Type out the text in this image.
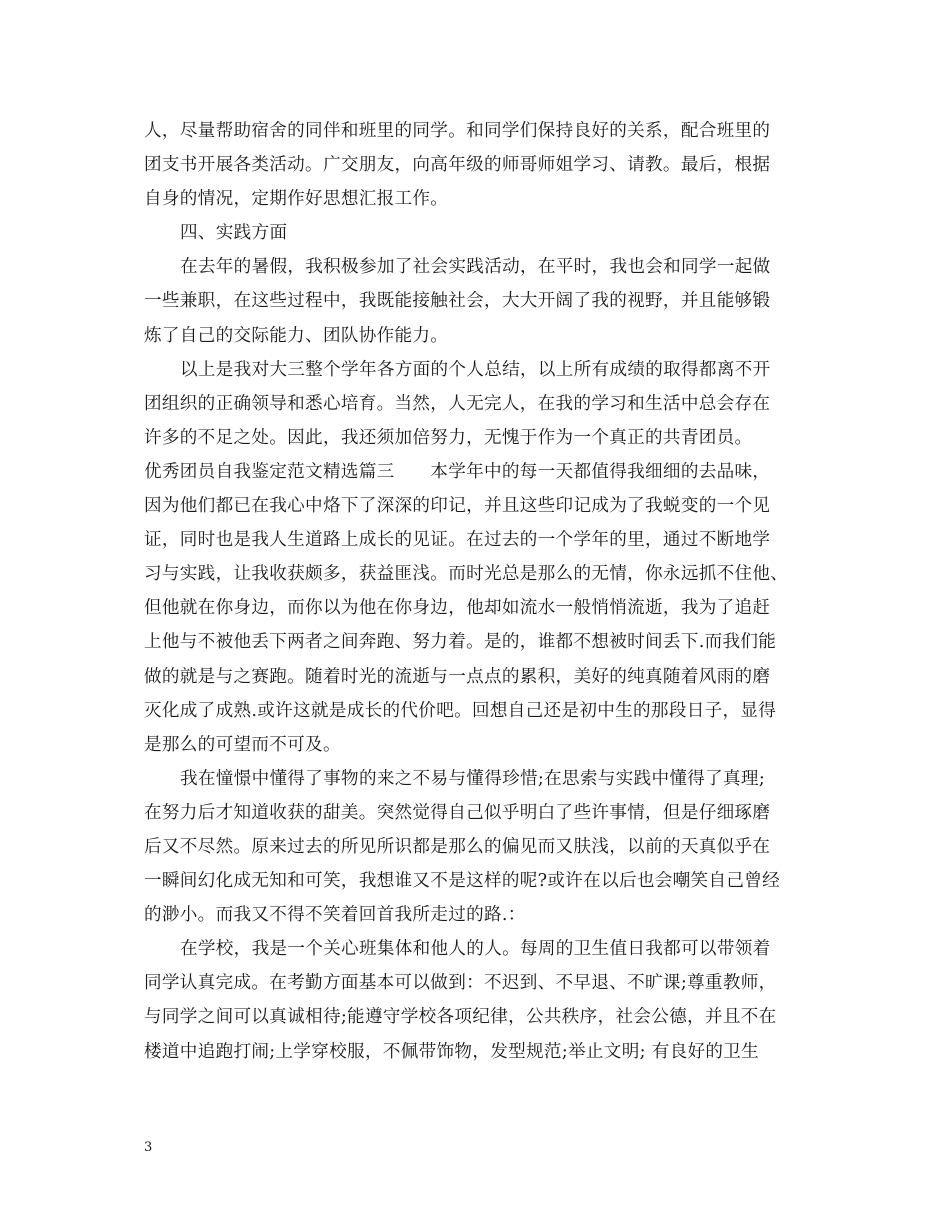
人，尽量帮助宿舍的同伴和班里的同学。和同学们保持良好的关系，配合班里的
团支书开展各类活动。广交朋友，向高年级的师哥师姐学习、请教。最后，根据
自身的情况，定期作好思想汇报工作。
四、实践方面
在去年的暑假，我积极参加了社会实践活动，在平时，我也会和同学一起做
一些兼职，在这些过程中，我既能接触社会，大大开阔了我的视野，并且能够锻
炼了自己的交际能力、团队协作能力。
以上是我对大三整个学年各方面的个人总结，以上所有成绩的取得都离不开
团组织的正确领导和悉心培育。当然，人无完人，在我的学习和生活中总会存在
许多的不足之处。因此，我还须加倍努力，无愧于作为一个真正的共青团员。
优秀团员自我鉴定范文精选篇三　　本学年中的每一天都值得我细细的去品味，
因为他们都已在我心中烙下了深深的印记，并且这些印记成为了我蜕变的一个见
证，同时也是我人生道路上成长的见证。在过去的一个学年的里，通过不断地学
习与实践，让我收获颇多，获益匪浅。而时光总是那么的无情，你永远抓不住他、
但他就在你身边，而你以为他在你身边，他却如流水一般悄悄流逝，我为了追赶
上他与不被他丢下两者之间奔跑、努力着。是的，谁都不想被时间丢下.而我们能
做的就是与之赛跑。随着时光的流逝与一点点的累积，美好的纯真随着风雨的磨
灭化成了成熟.或许这就是成长的代价吧。回想自己还是初中生的那段日子，显得
是那么的可望而不可及。
我在憧憬中懂得了事物的来之不易与懂得珍惜;在思索与实践中懂得了真理;
在努力后才知道收获的甜美。突然觉得自己似乎明白了些许事情，但是仔细琢磨
后又不尽然。原来过去的所见所识都是那么的偏见而又肤浅，以前的天真似乎在
一瞬间幻化成无知和可笑，我想谁又不是这样的呢?或许在以后也会嘲笑自己曾经
的渺小。而我又不得不笑着回首我所走过的路.：
在学校，我是一个关心班集体和他人的人。每周的卫生值日我都可以带领着
同学认真完成。在考勤方面基本可以做到：不迟到、不早退、不旷课;尊重教师，
与同学之间可以真诚相待;能遵守学校各项纪律，公共秩序，社会公德，并且不在
楼道中追跑打闹;上学穿校服，不佩带饰物，发型规范;举止文明; 有良好的卫生
3
